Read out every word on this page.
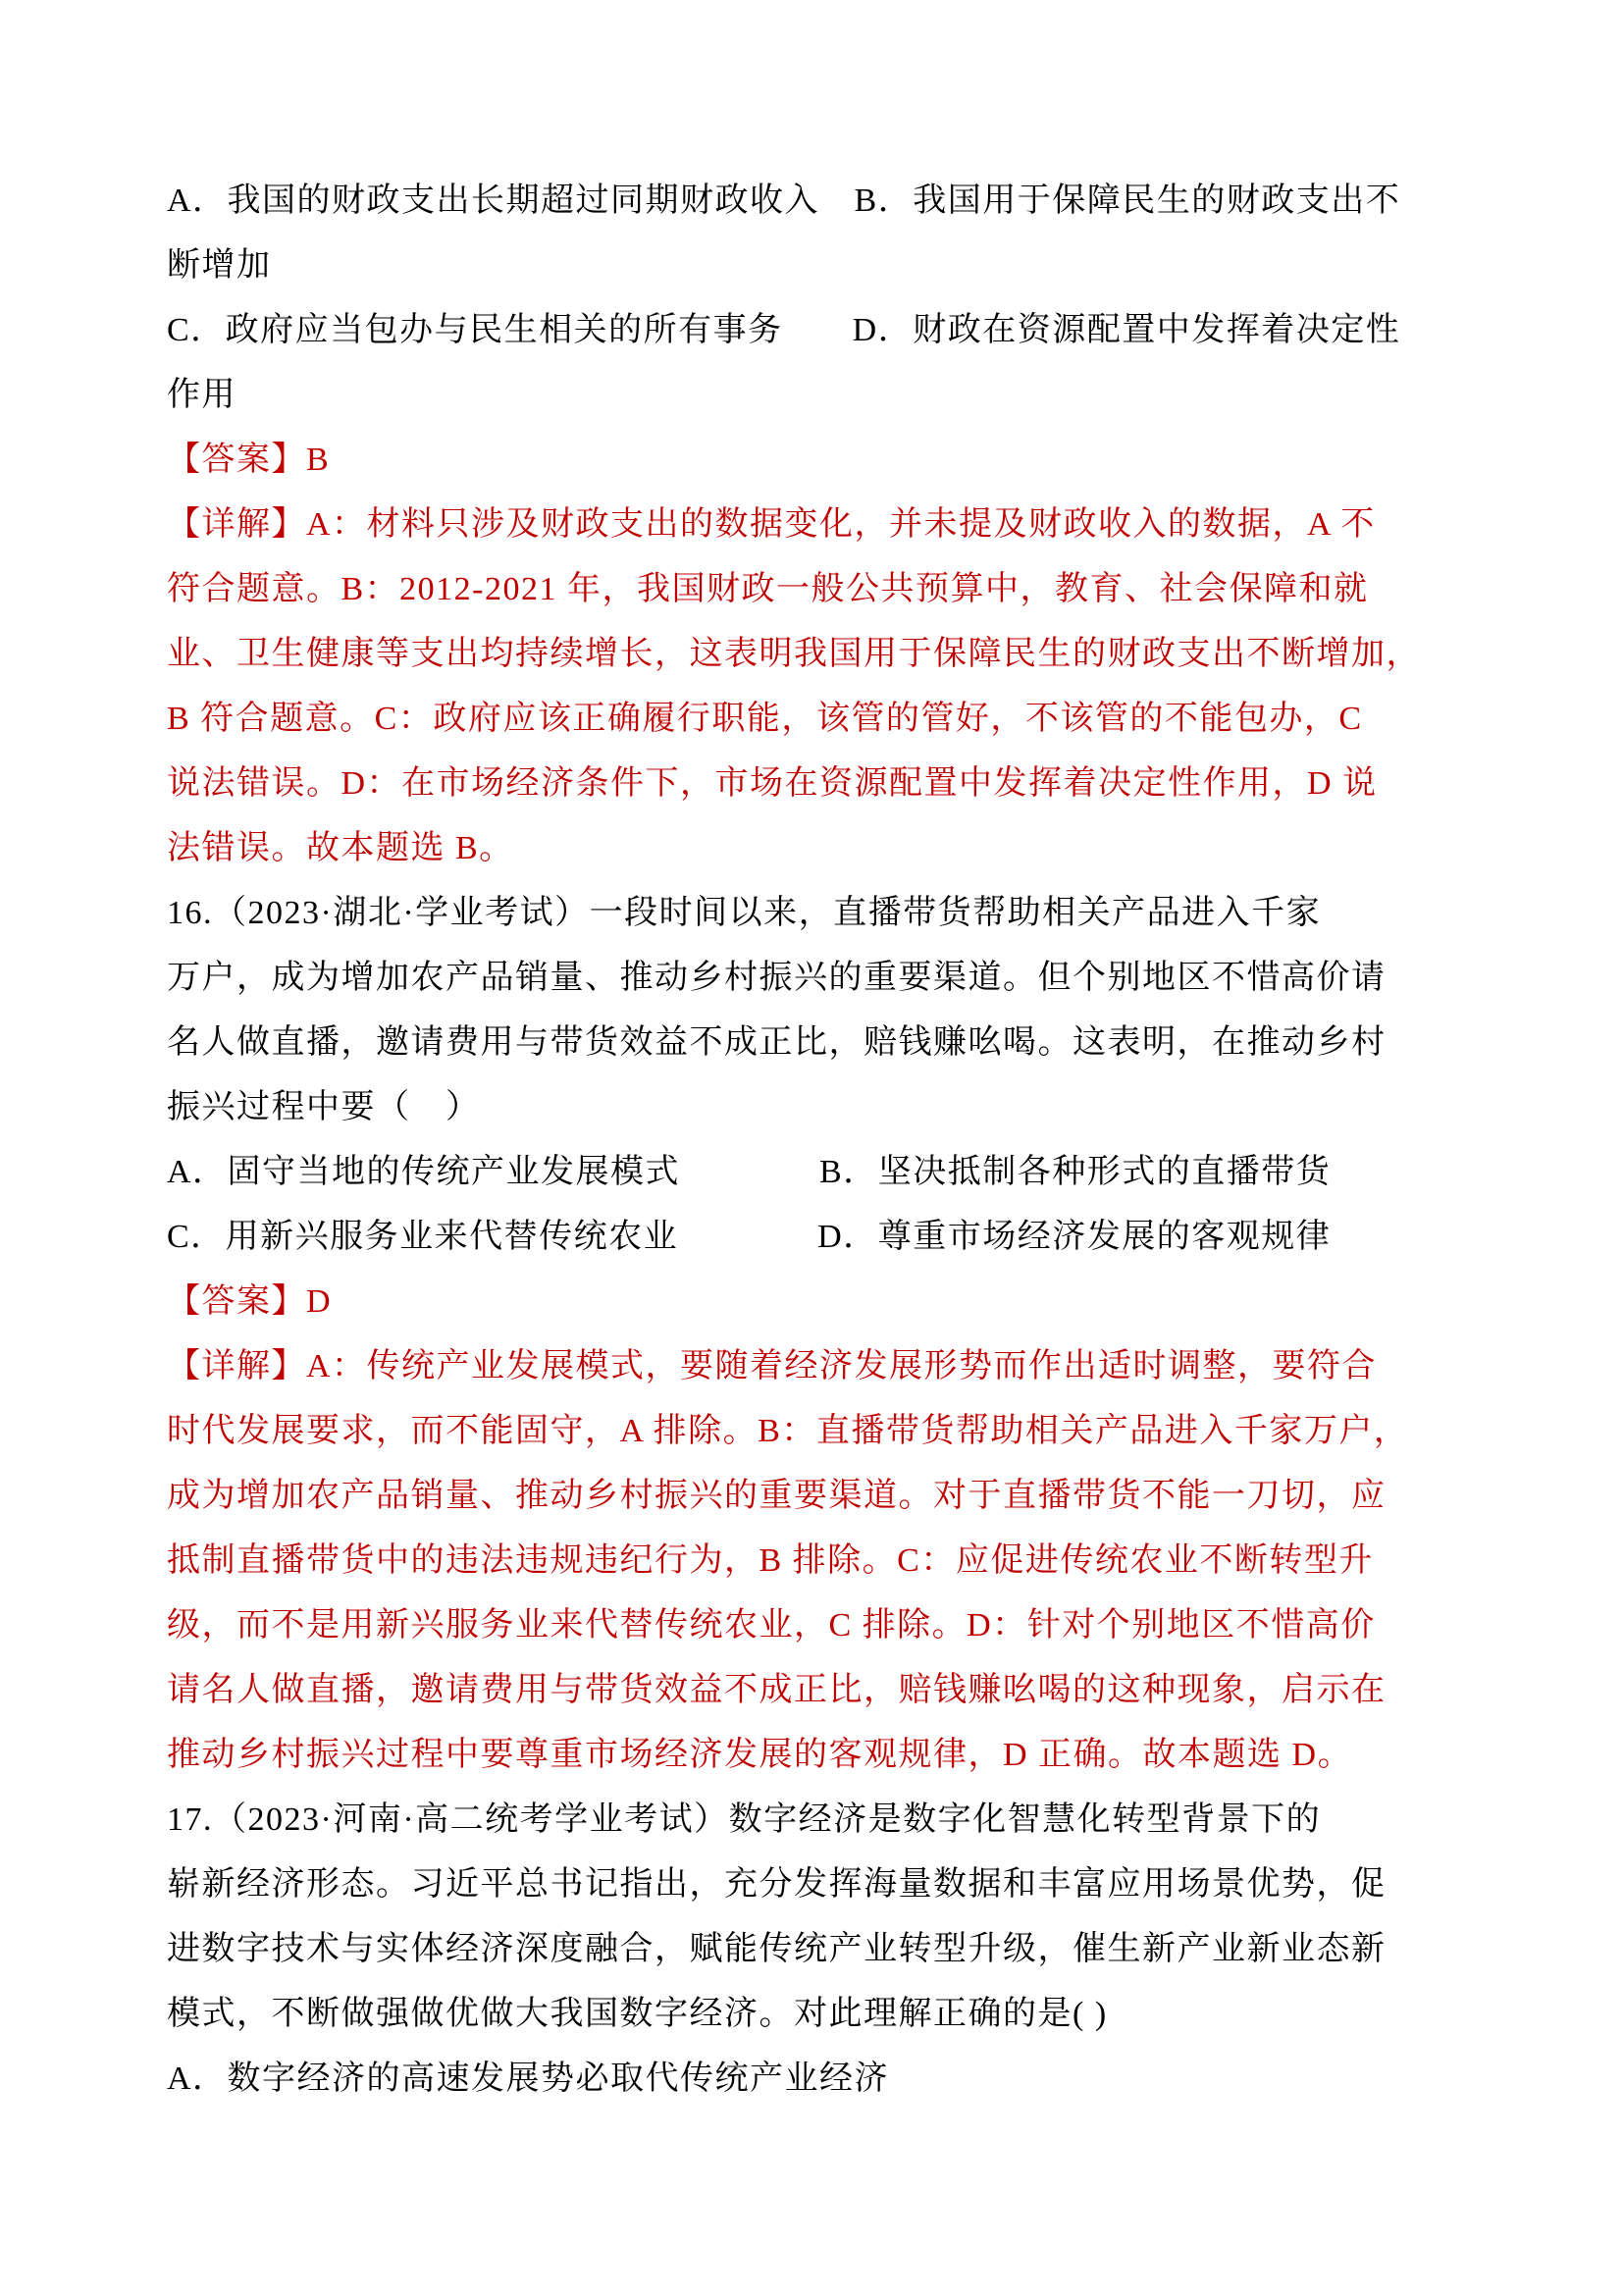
A．我国的财政支出长期超过同期财政收入　B．我国用于保障民生的财政支出不
断增加
C．政府应当包办与民生相关的所有事务　　D．财政在资源配置中发挥着决定性
作用
【答案】B
【详解】A：材料只涉及财政支出的数据变化，并未提及财政收入的数据，A 不
符合题意。B：2012-2021 年，我国财政一般公共预算中，教育、社会保障和就
业、卫生健康等支出均持续增长，这表明我国用于保障民生的财政支出不断增加，
B 符合题意。C：政府应该正确履行职能，该管的管好，不该管的不能包办，C
说法错误。D：在市场经济条件下，市场在资源配置中发挥着决定性作用，D 说
法错误。故本题选 B。
16.（2023·湖北·学业考试）一段时间以来，直播带货帮助相关产品进入千家
万户，成为增加农产品销量、推动乡村振兴的重要渠道。但个别地区不惜高价请
名人做直播，邀请费用与带货效益不成正比，赔钱赚吆喝。这表明，在推动乡村
振兴过程中要（　）
A．固守当地的传统产业发展模式　　　　B．坚决抵制各种形式的直播带货
C．用新兴服务业来代替传统农业　　　　D．尊重市场经济发展的客观规律
【答案】D
【详解】A：传统产业发展模式，要随着经济发展形势而作出适时调整，要符合
时代发展要求，而不能固守，A 排除。B：直播带货帮助相关产品进入千家万户，
成为增加农产品销量、推动乡村振兴的重要渠道。对于直播带货不能一刀切，应
抵制直播带货中的违法违规违纪行为，B 排除。C：应促进传统农业不断转型升
级，而不是用新兴服务业来代替传统农业，C 排除。D：针对个别地区不惜高价
请名人做直播，邀请费用与带货效益不成正比，赔钱赚吆喝的这种现象，启示在
推动乡村振兴过程中要尊重市场经济发展的客观规律，D 正确。故本题选 D。
17.（2023·河南·高二统考学业考试）数字经济是数字化智慧化转型背景下的
崭新经济形态。习近平总书记指出，充分发挥海量数据和丰富应用场景优势，促
进数字技术与实体经济深度融合，赋能传统产业转型升级，催生新产业新业态新
模式，不断做强做优做大我国数字经济。对此理解正确的是( )
A．数字经济的高速发展势必取代传统产业经济
